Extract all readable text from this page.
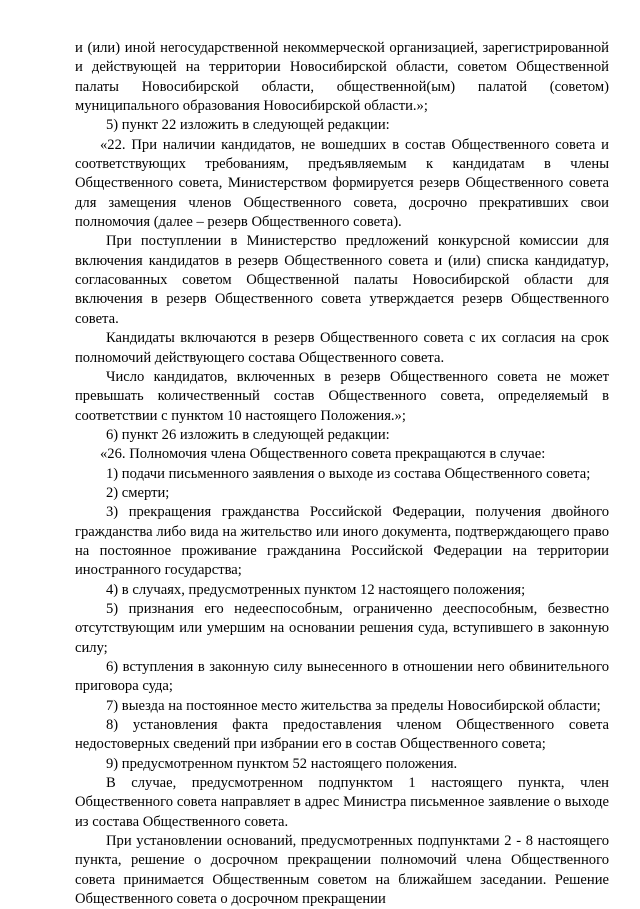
и (или) иной негосударственной некоммерческой организацией, зарегистрированной и действующей на территории Новосибирской области, советом Общественной палаты Новосибирской области, общественной(ым) палатой (советом) муниципального образования Новосибирской области.»;

5) пункт 22 изложить в следующей редакции:

«22. При наличии кандидатов, не вошедших в состав Общественного совета и соответствующих требованиям, предъявляемым к кандидатам в члены Общественного совета, Министерством формируется резерв Общественного совета для замещения членов Общественного совета, досрочно прекративших свои полномочия (далее – резерв Общественного совета).

При поступлении в Министерство предложений конкурсной комиссии для включения кандидатов в резерв Общественного совета и (или) списка кандидатур, согласованных советом Общественной палаты Новосибирской области для включения в резерв Общественного совета утверждается резерв Общественного совета.

Кандидаты включаются в резерв Общественного совета с их согласия на срок полномочий действующего состава Общественного совета.

Число кандидатов, включенных в резерв Общественного совета не может превышать количественный состав Общественного совета, определяемый в соответствии с пунктом 10 настоящего Положения.»;

6) пункт 26 изложить в следующей редакции:

«26. Полномочия члена Общественного совета прекращаются в случае:

1) подачи письменного заявления о выходе из состава Общественного совета;

2) смерти;

3) прекращения гражданства Российской Федерации, получения двойного гражданства либо вида на жительство или иного документа, подтверждающего право на постоянное проживание гражданина Российской Федерации на территории иностранного государства;

4) в случаях, предусмотренных пунктом 12 настоящего положения;

5) признания его недееспособным, ограниченно дееспособным, безвестно отсутствующим или умершим на основании решения суда, вступившего в законную силу;

6) вступления в законную силу вынесенного в отношении него обвинительного приговора суда;

7) выезда на постоянное место жительства за пределы Новосибирской области;

8) установления факта предоставления членом Общественного совета недостоверных сведений при избрании его в состав Общественного совета;

9) предусмотренном пунктом 52 настоящего положения.

В случае, предусмотренном подпунктом 1 настоящего пункта, член Общественного совета направляет в адрес Министра письменное заявление о выходе из состава Общественного совета.

При установлении оснований, предусмотренных подпунктами 2 - 8 настоящего пункта, решение о досрочном прекращении полномочий члена Общественного совета принимается Общественным советом на ближайшем заседании. Решение Общественного совета о досрочном прекращении
